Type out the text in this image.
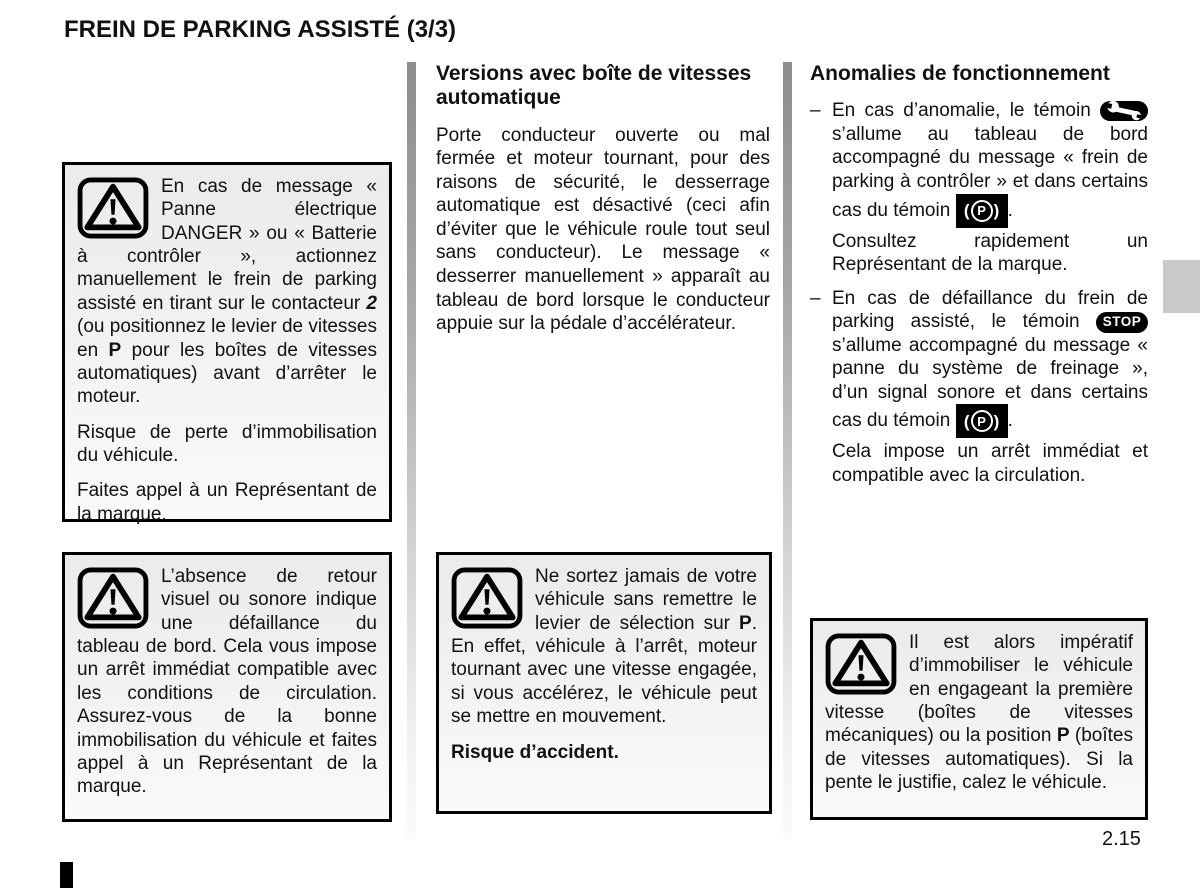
FREIN DE PARKING ASSISTÉ (3/3)

En cas de message « Panne électrique DANGER » ou « Batterie à contrôler », actionnez manuellement le frein de parking assisté en tirant sur le contacteur 2 (ou positionnez le levier de vitesses en P pour les boîtes de vitesses automatiques) avant d’arrêter le moteur.

Risque de perte d’immobilisation du véhicule.

Faites appel à un Représentant de la marque.

L’absence de retour visuel ou sonore indique une défaillance du tableau de bord. Cela vous impose un arrêt immédiat compatible avec les conditions de circulation. Assurez-vous de la bonne immobilisation du véhicule et faites appel à un Représentant de la marque.

Versions avec boîte de vitesses automatique

Porte conducteur ouverte ou mal fermée et moteur tournant, pour des raisons de sécurité, le desserrage automatique est désactivé (ceci afin d’éviter que le véhicule roule tout seul sans conducteur). Le message « desserrer manuellement » apparaît au tableau de bord lorsque le conducteur appuie sur la pédale d’accélérateur.

Ne sortez jamais de votre véhicule sans remettre le levier de sélection sur P. En effet, véhicule à l’arrêt, moteur tournant avec une vitesse engagée, si vous accélérez, le véhicule peut se mettre en mouvement.

Risque d’accident.

Anomalies de fonctionnement
– En cas d’anomalie, le témoin  s’allume au tableau de bord accompagné du message « frein de parking à contrôler » et dans certains cas du témoin ( P ) .
Consultez rapidement un Représentant de la marque.
– En cas de défaillance du frein de parking assisté, le témoin STOP
s’allume accompagné du message « panne du système de freinage », d’un signal sonore et dans certains cas du témoin ( P ) .
Cela impose un arrêt immédiat et compatible avec la circulation.

Il est alors impératif d’immobiliser le véhicule en engageant la première vitesse (boîtes de vitesses mécaniques) ou la position P (boîtes de vitesses automatiques). Si la pente le justifie, calez le véhicule.

2.15
